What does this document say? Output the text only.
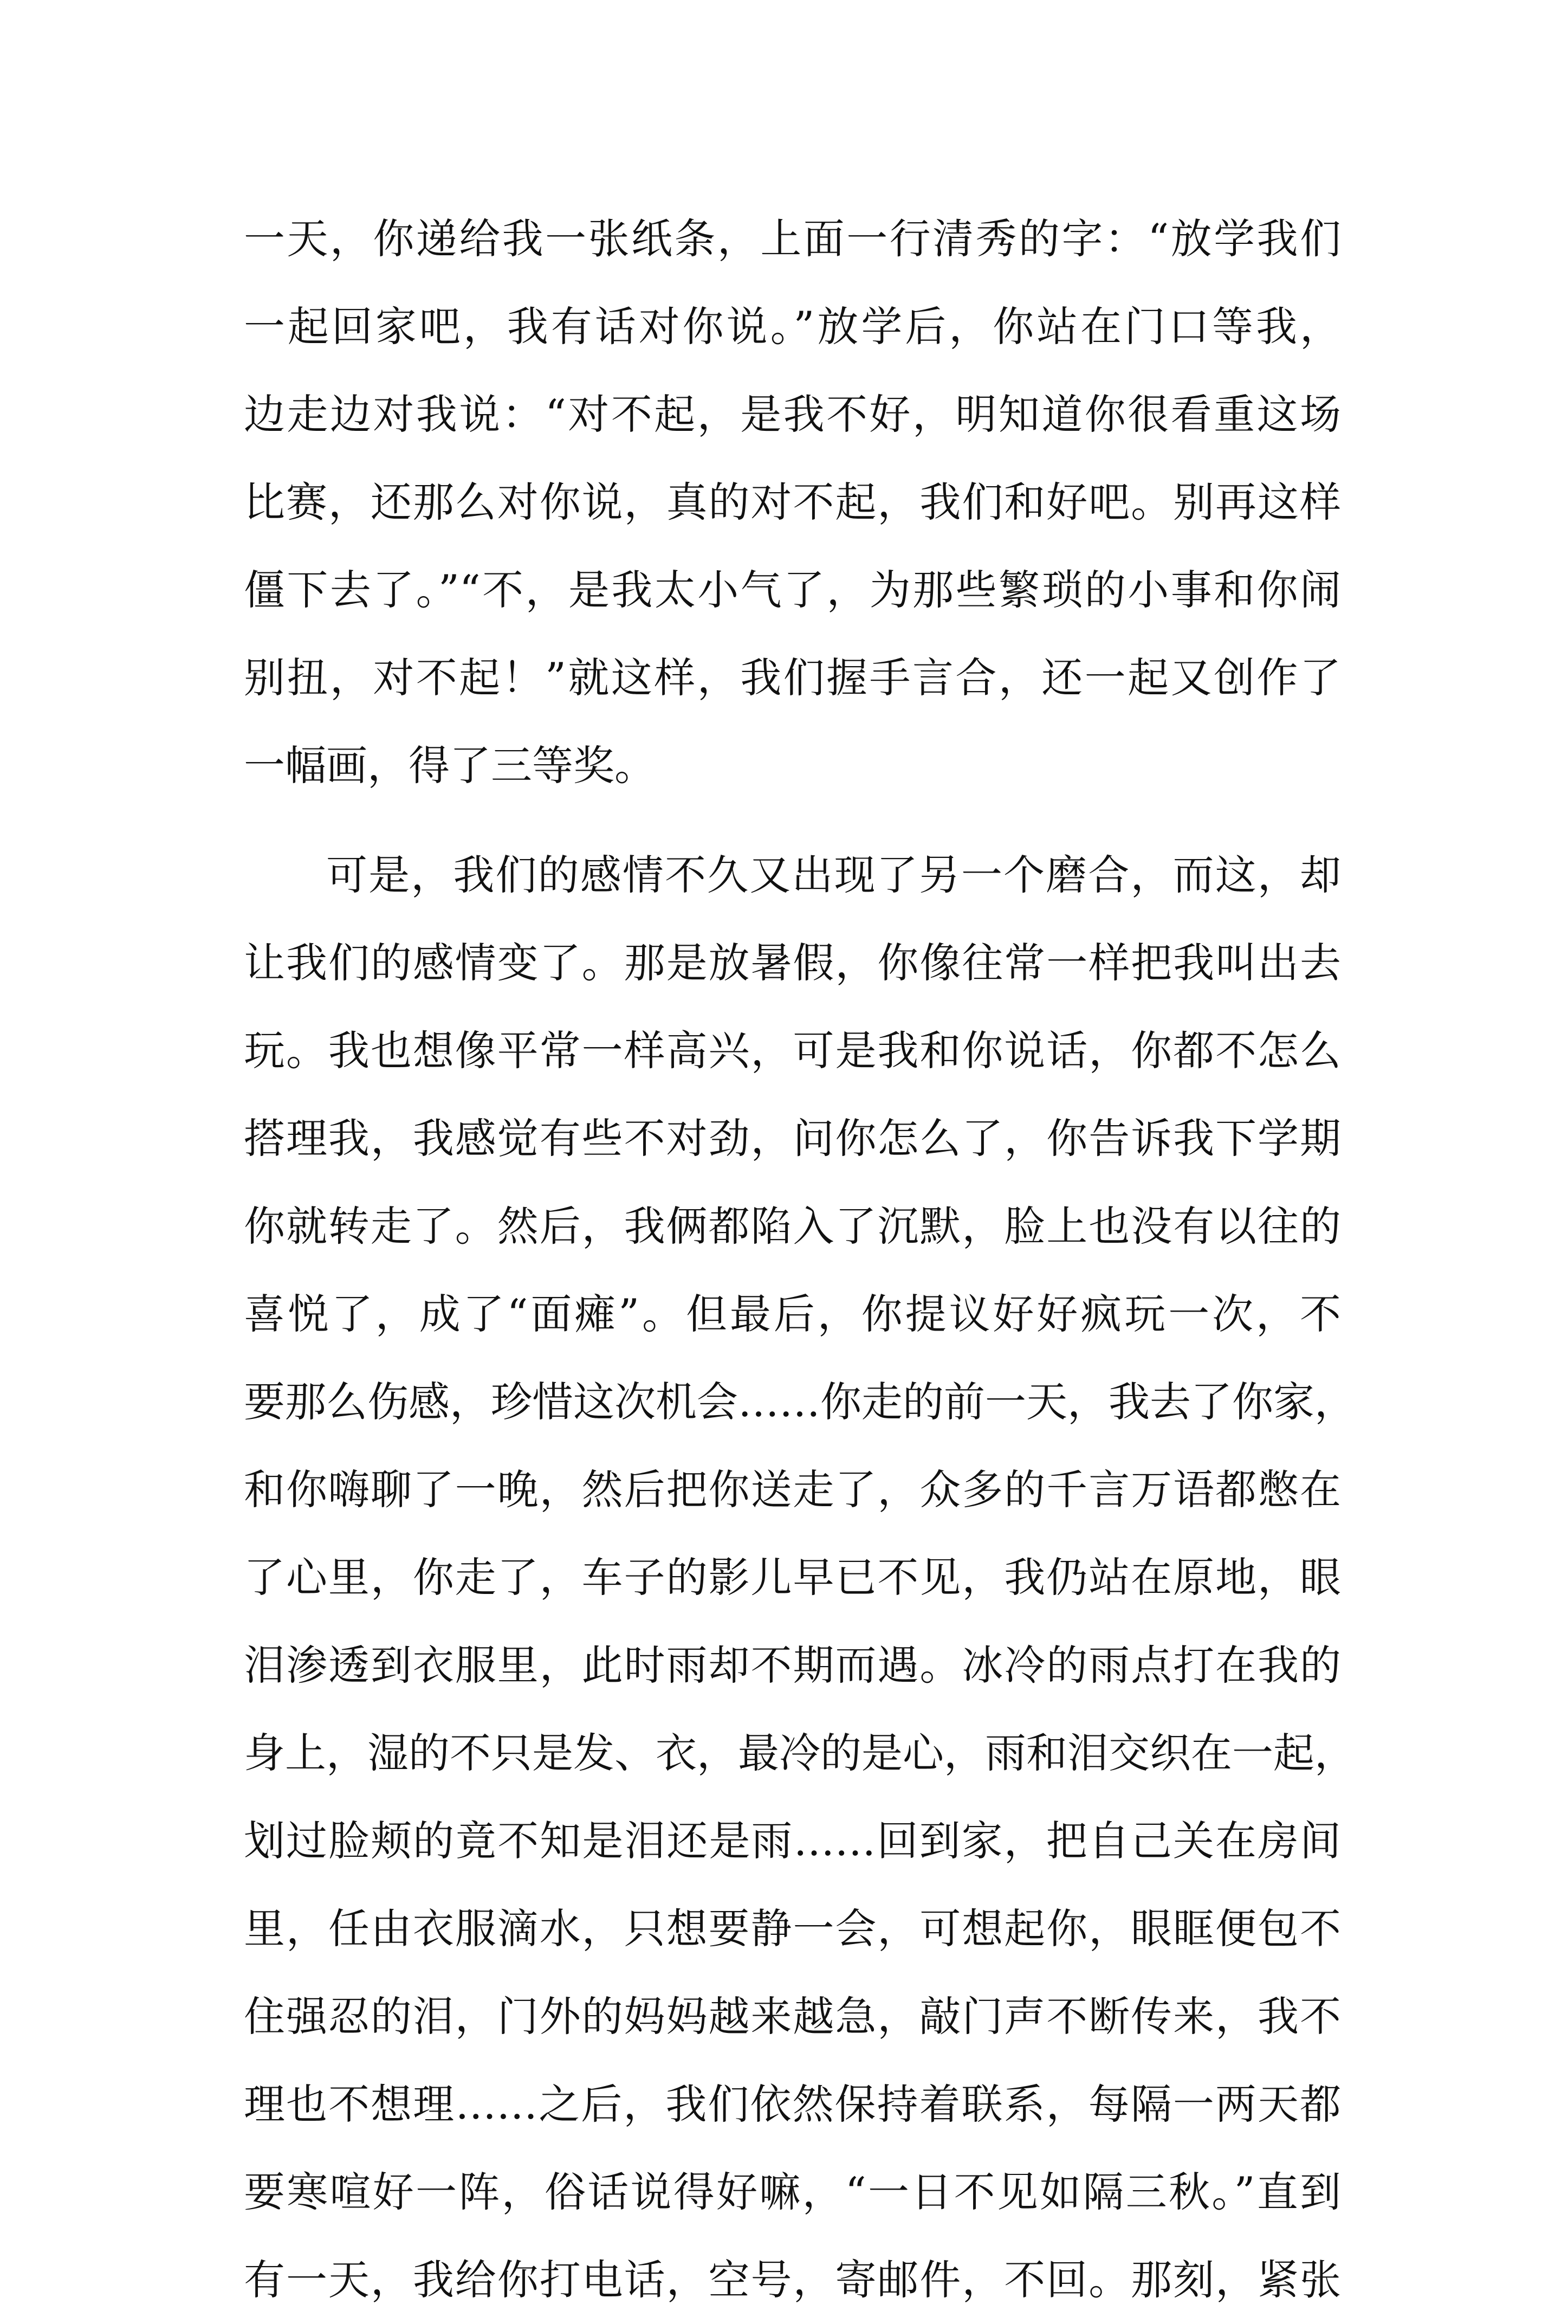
一天，你递给我一张纸条，上面一行清秀的字：“放学我们
一起回家吧，我有话对你说。”放学后，你站在门口等我，
边走边对我说：“对不起，是我不好，明知道你很看重这场
比赛，还那么对你说，真的对不起，我们和好吧。别再这样
僵下去了。”“不，是我太小气了，为那些繁琐的小事和你闹
别扭，对不起！”就这样，我们握手言合，还一起又创作了
一幅画，得了三等奖。
可是，我们的感情不久又出现了另一个磨合，而这，却
让我们的感情变了。那是放暑假，你像往常一样把我叫出去
玩。我也想像平常一样高兴，可是我和你说话，你都不怎么
搭理我，我感觉有些不对劲，问你怎么了，你告诉我下学期
你就转走了。然后，我俩都陷入了沉默，脸上也没有以往的
喜悦了，成了“面瘫”。但最后，你提议好好疯玩一次，不
要那么伤感，珍惜这次机会……你走的前一天，我去了你家，
和你嗨聊了一晚，然后把你送走了，众多的千言万语都憋在
了心里，你走了，车子的影儿早已不见，我仍站在原地，眼
泪渗透到衣服里，此时雨却不期而遇。冰冷的雨点打在我的
身上，湿的不只是发、衣，最冷的是心，雨和泪交织在一起，
划过脸颊的竟不知是泪还是雨……回到家，把自己关在房间
里，任由衣服滴水，只想要静一会，可想起你，眼眶便包不
住强忍的泪，门外的妈妈越来越急，敲门声不断传来，我不
理也不想理……之后，我们依然保持着联系，每隔一两天都
要寒喧好一阵，俗话说得好嘛，“一日不见如隔三秋。”直到
有一天，我给你打电话，空号，寄邮件，不回。那刻，紧张
